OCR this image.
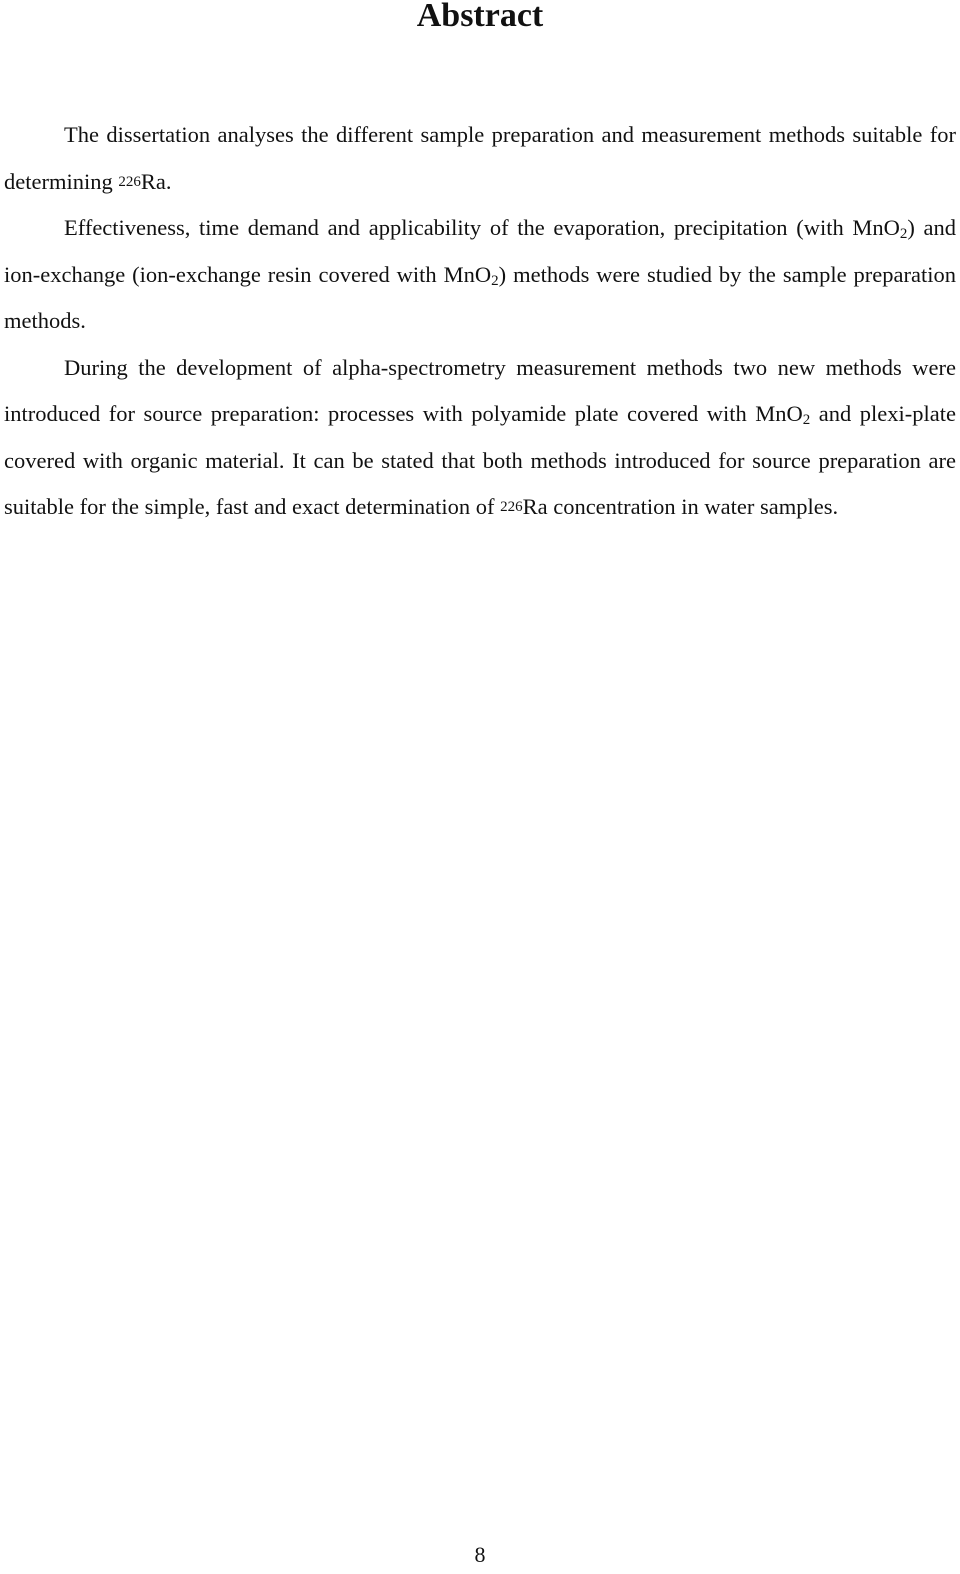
Abstract

The dissertation analyses the different sample preparation and measurement methods suitable for determining $^{226}$Ra.

Effectiveness, time demand and applicability of the evaporation, precipitation (with MnO$_2$) and ion-exchange (ion-exchange resin covered with MnO$_2$) methods were studied by the sample preparation methods.

During the development of alpha-spectrometry measurement methods two new methods were introduced for source preparation: processes with polyamide plate covered with MnO$_2$ and plexi-plate covered with organic material. It can be stated that both methods introduced for source preparation are suitable for the simple, fast and exact determination of $^{226}$Ra concentration in water samples.

8
